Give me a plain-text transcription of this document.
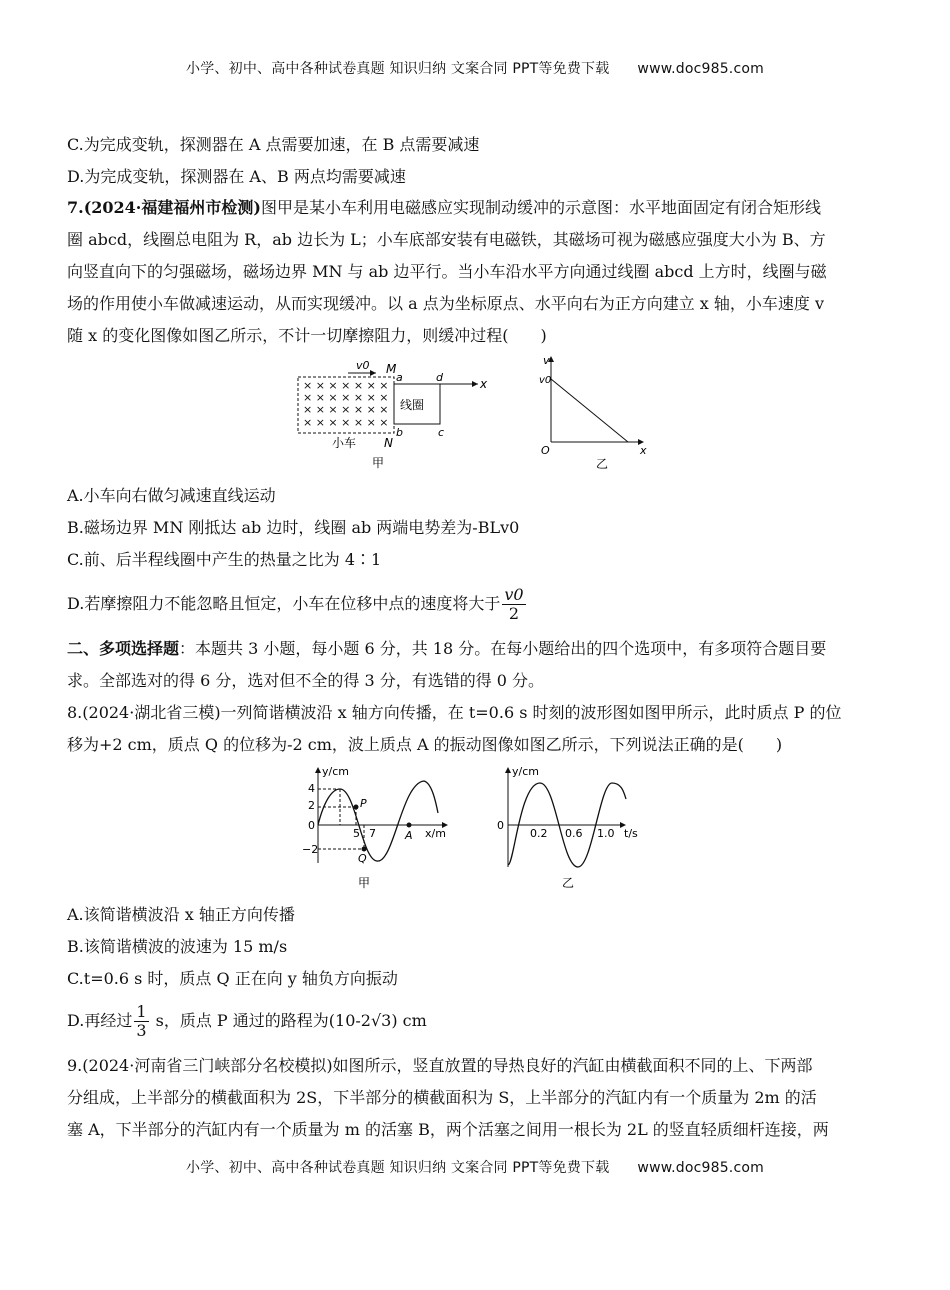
小学、初中、高中各种试卷真题 知识归纳 文案合同 PPT等免费下载 www.doc985.com
C.为完成变轨，探测器在 A 点需要加速，在 B 点需要减速
D.为完成变轨，探测器在 A、B 两点均需要减速
7.(2024·福建福州市检测)图甲是某小车利用电磁感应实现制动缓冲的示意图：水平地面固定有闭合矩形线
圈 abcd，线圈总电阻为 R，ab 边长为 L；小车底部安装有电磁铁，其磁场可视为磁感应强度大小为 B、方
向竖直向下的匀强磁场，磁场边界 MN 与 ab 边平行。当小车沿水平方向通过线圈 abcd 上方时，线圈与磁
场的作用使小车做减速运动，从而实现缓冲。以 a 点为坐标原点、水平向右为正方向建立 x 轴，小车速度 v
随 x 的变化图像如图乙所示，不计一切摩擦阻力，则缓冲过程(　　)
v0 M
× × × × × × ×
× × × × × × ×
× × × × × × ×
× × × × × × ×
x
线圈
a	d
b	c
N
小车
甲
v
v0
x
O
乙
A.小车向右做匀减速直线运动
B.磁场边界 MN 刚抵达 ab 边时，线圈 ab 两端电势差为-BLv0
C.前、后半程线圈中产生的热量之比为 4∶1
D.若摩擦阻力不能忽略且恒定，小车在位移中点的速度将大于 $\frac{v0}{2}$
二、多项选择题：本题共 3 小题，每小题 6 分，共 18 分。在每小题给出的四个选项中，有多项符合题目要
求。全部选对的得 6 分，选对但不全的得 3 分，有选错的得 0 分。
8.(2024·湖北省三模)一列简谐横波沿 x 轴方向传播，在 t=0.6 s 时刻的波形图如图甲所示，此时质点 P 的位
移为+2 cm，质点 Q 的位移为-2 cm，波上质点 A 的振动图像如图乙所示，下列说法正确的是(　　)
y/cm
x/m
4
2
0
−2
P
Q
A
5 7
甲
y/cm
t/s
0
0.2 0.6 1.0
乙
A.该简谐横波沿 x 轴正方向传播
B.该简谐横波的波速为 15 m/s
C.t=0.6 s 时，质点 Q 正在向 y 轴负方向振动
D.再经过 $\frac{1}{3}$ s，质点 P 通过的路程为(10-2√3) cm
9.(2024·河南省三门峡部分名校模拟)如图所示，竖直放置的导热良好的汽缸由横截面积不同的上、下两部
分组成，上半部分的横截面积为 2S，下半部分的横截面积为 S，上半部分的汽缸内有一个质量为 2m 的活
塞 A，下半部分的汽缸内有一个质量为 m 的活塞 B，两个活塞之间用一根长为 2L 的竖直轻质细杆连接，两
小学、初中、高中各种试卷真题 知识归纳 文案合同 PPT等免费下载 www.doc985.com
